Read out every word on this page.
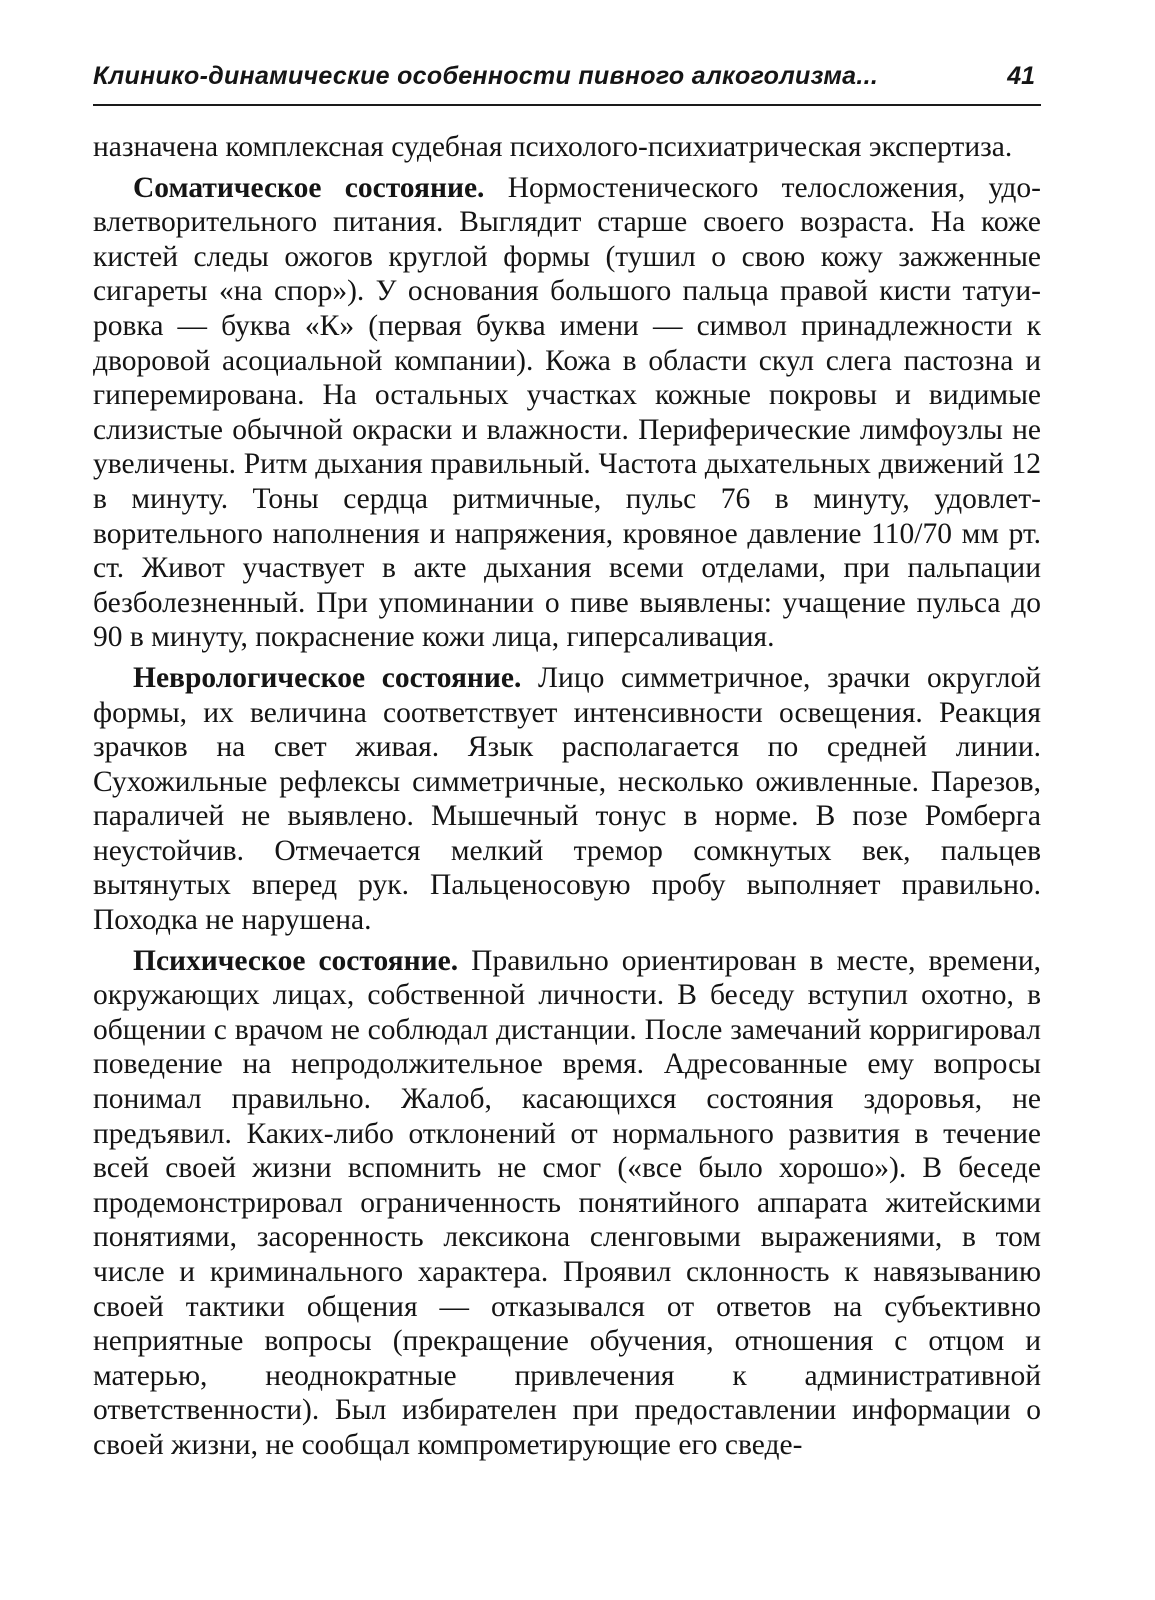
Клинико-динамические особенности пивного алкоголизма...	41

назначена комплексная судебная психолого-психиатрическая экспертиза.

Соматическое состояние. Нормостенического телосложения, удовлетворительного питания. Выглядит старше своего возраста. На коже кистей следы ожогов круглой формы (тушил о свою кожу зажженные сигареты «на спор»). У основания большого пальца правой кисти татуировка — буква «К» (первая буква имени — символ принадлежности к дворовой асоциальной компании). Кожа в области скул слега пастозна и гиперемирована. На остальных участках кожные покровы и видимые слизистые обычной окраски и влажности. Периферические лимфоузлы не увеличены. Ритм дыхания правильный. Частота дыхательных движений 12 в минуту. Тоны сердца ритмичные, пульс 76 в минуту, удовлетворительного наполнения и напряжения, кровяное давление 110/70 мм рт. ст. Живот участвует в акте дыхания всеми отделами, при пальпации безболезненный. При упоминании о пиве выявлены: учащение пульса до 90 в минуту, покраснение кожи лица, гиперсаливация.

Неврологическое состояние. Лицо симметричное, зрачки округлой формы, их величина соответствует интенсивности освещения. Реакция зрачков на свет живая. Язык располагается по средней линии. Сухожильные рефлексы симметричные, несколько оживленные. Парезов, параличей не выявлено. Мышечный тонус в норме. В позе Ромберга неустойчив. Отмечается мелкий тремор сомкнутых век, пальцев вытянутых вперед рук. Пальценосовую пробу выполняет правильно. Походка не нарушена.

Психическое состояние. Правильно ориентирован в месте, времени, окружающих лицах, собственной личности. В беседу вступил охотно, в общении с врачом не соблюдал дистанции. После замечаний корригировал поведение на непродолжительное время. Адресованные ему вопросы понимал правильно. Жалоб, касающихся состояния здоровья, не предъявил. Каких-либо отклонений от нормального развития в течение всей своей жизни вспомнить не смог («все было хорошо»). В беседе продемонстрировал ограниченность понятийного аппарата житейскими понятиями, засоренность лексикона сленговыми выражениями, в том числе и криминального характера. Проявил склонность к навязыванию своей тактики общения — отказывался от ответов на субъективно неприятные вопросы (прекращение обучения, отношения с отцом и матерью, неоднократные привлечения к административной ответственности). Был избирателен при предоставлении информации о своей жизни, не сообщал компрометирующие его сведе-
